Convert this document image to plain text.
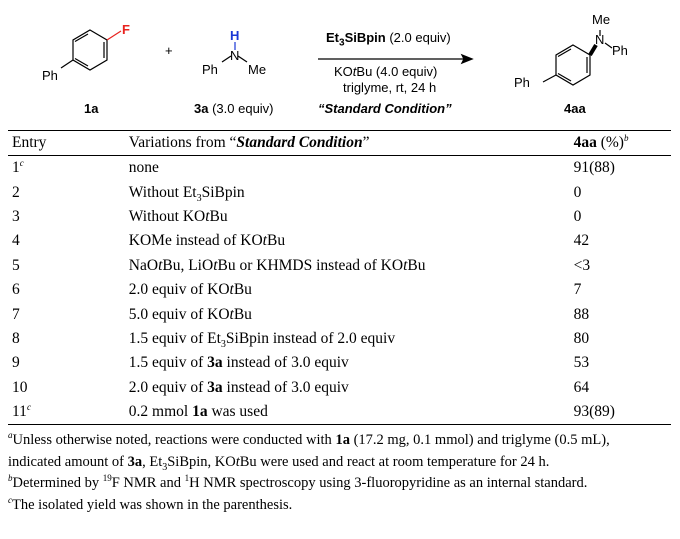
F
Ph
1a
+
H
N
Ph Me
3a (3.0 equiv)
$Et_3SiBpin$ (2.0 equiv)
KOtBu (4.0 equiv)
triglyme, rt, 24 h
“Standard Condition”
Me
N
Ph
Ph
4aa
Entry	Variations from “Standard Condition”	4aa (%)$^b$
1$^c$	none	91(88)
2	Without $Et_3SiBpin$	0
3	Without KOtBu	0
4	KOMe instead of KOtBu	42
5	NaOtBu, LiOtBu or KHMDS instead of KOtBu	<3
6	2.0 equiv of KOtBu	7
7	5.0 equiv of KOtBu	88
8	1.5 equiv of $Et_3SiBpin$ instead of 2.0 equiv	80
9	1.5 equiv of 3a instead of 3.0 equiv	53
10	2.0 equiv of 3a instead of 3.0 equiv	64
11$^c$	0.2 mmol 1a was used	93(89)

$^a$Unless otherwise noted, reactions were conducted with 1a (17.2 mg, 0.1 mmol) and triglyme (0.5 mL),

indicated amount of 3a, $Et_3SiBpin$, KOtBu were used and react at room temperature for 24 h.

$^b$Determined by $^{19}$F NMR and $^1$H NMR spectroscopy using 3-fluoropyridine as an internal standard.

$^c$The isolated yield was shown in the parenthesis.
